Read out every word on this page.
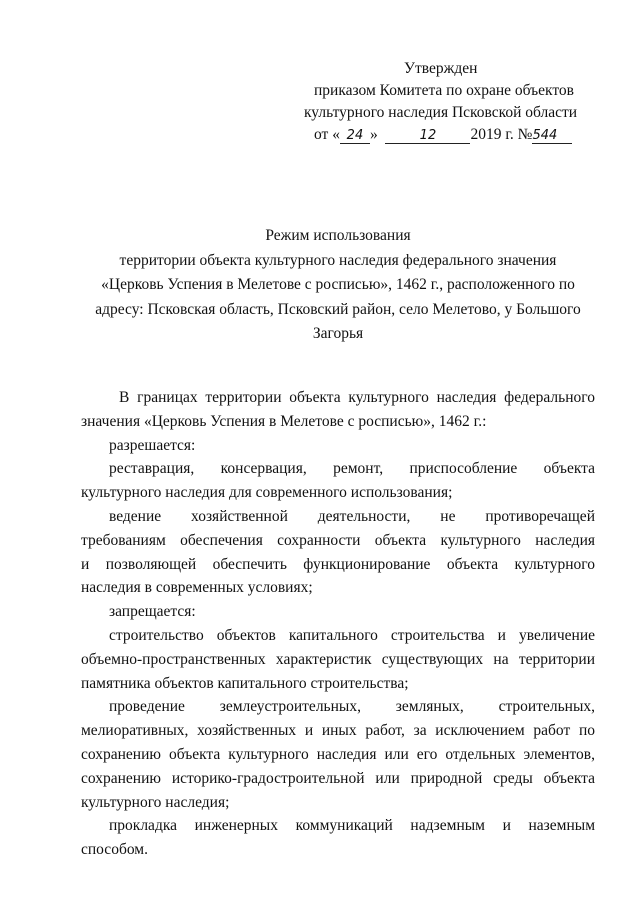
Утвержден
приказом Комитета по охране объектов
культурного наследия Псковской области
от « 24 »	12 2019 г. №544
Режим использования
территории объекта культурного наследия федерального значения
«Церковь Успения в Мелетове с росписью», 1462 г., расположенного по
адресу: Псковская область, Псковский район, село Мелетово, у Большого
Загорья
В границах территории объекта культурного наследия федерального
значения «Церковь Успения в Мелетове с росписью», 1462 г.:
разрешается:
реставрация, консервация, ремонт, приспособление объекта
культурного наследия для современного использования;
ведение хозяйственной деятельности, не противоречащей
требованиям обеспечения сохранности объекта культурного наследия
и позволяющей обеспечить функционирование объекта культурного
наследия в современных условиях;
запрещается:
строительство объектов капитального строительства и увеличение
объемно-пространственных характеристик существующих на территории
памятника объектов капитального строительства;
проведение землеустроительных, земляных, строительных,
мелиоративных, хозяйственных и иных работ, за исключением работ по
сохранению объекта культурного наследия или его отдельных элементов,
сохранению историко-градостроительной или природной среды объекта
культурного наследия;
прокладка инженерных коммуникаций надземным и наземным
способом.
